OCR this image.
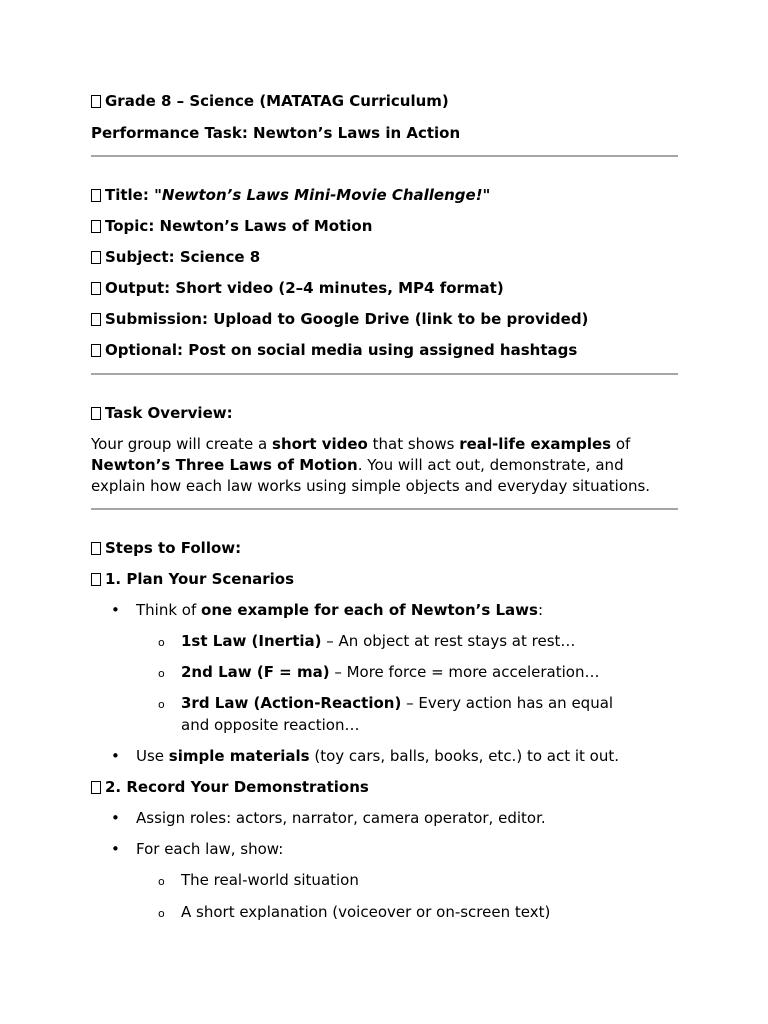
Grade 8 – Science (MATATAG Curriculum)

Performance Task: Newton’s Laws in Action

Title: "Newton’s Laws Mini-Movie Challenge!"

Topic: Newton’s Laws of Motion

Subject: Science 8

Output: Short video (2–4 minutes, MP4 format)

Submission: Upload to Google Drive (link to be provided)

Optional: Post on social media using assigned hashtags

Task Overview:

Your group will create a short video that shows real-life examples of

Newton’s Three Laws of Motion. You will act out, demonstrate, and

explain how each law works using simple objects and everyday situations.

Steps to Follow:

1. Plan Your Scenarios

• Think of one example for each of Newton’s Laws:
o 1st Law (Inertia) – An object at rest stays at rest…
o 2nd Law (F = ma) – More force = more acceleration…
o 3rd Law (Action-Reaction) – Every action has an equal and opposite reaction…
• Use simple materials (toy cars, balls, books, etc.) to act it out.

2. Record Your Demonstrations

• Assign roles: actors, narrator, camera operator, editor.
• For each law, show:
o The real-world situation
o A short explanation (voiceover or on-screen text)
